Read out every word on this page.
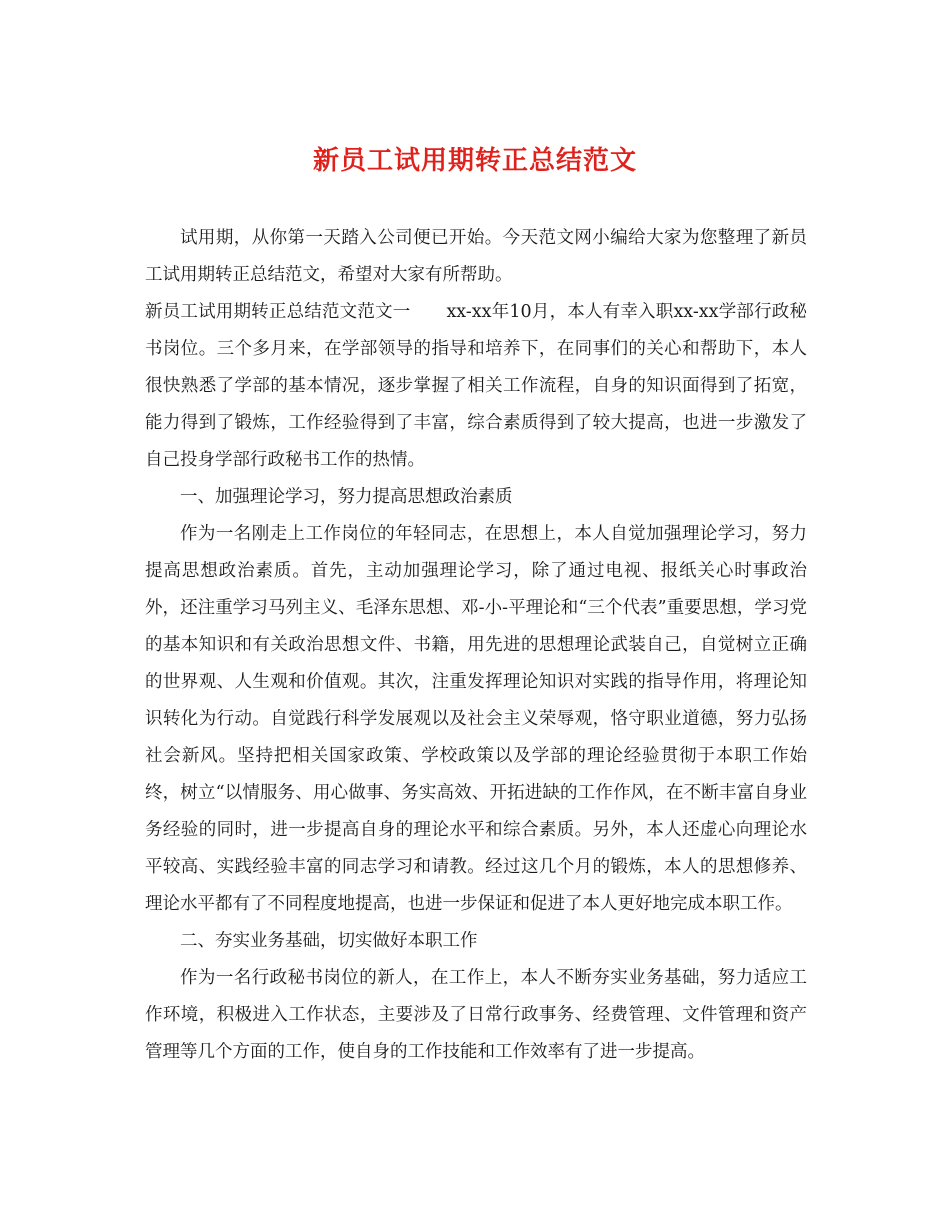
新员工试用期转正总结范文

试用期，从你第一天踏入公司便已开始。今天范文网小编给大家为您整理了新员工试用期转正总结范文，希望对大家有所帮助。

新员工试用期转正总结范文范文一 xx-xx年10月，本人有幸入职xx-xx学部行政秘书岗位。三个多月来，在学部领导的指导和培养下，在同事们的关心和帮助下，本人很快熟悉了学部的基本情况，逐步掌握了相关工作流程，自身的知识面得到了拓宽，能力得到了锻炼，工作经验得到了丰富，综合素质得到了较大提高，也进一步激发了自己投身学部行政秘书工作的热情。

一、加强理论学习，努力提高思想政治素质

作为一名刚走上工作岗位的年轻同志，在思想上，本人自觉加强理论学习，努力提高思想政治素质。首先，主动加强理论学习，除了通过电视、报纸关心时事政治外，还注重学习马列主义、毛泽东思想、邓-小-平理论和“三个代表”重要思想，学习党的基本知识和有关政治思想文件、书籍，用先进的思想理论武装自己，自觉树立正确的世界观、人生观和价值观。其次，注重发挥理论知识对实践的指导作用，将理论知识转化为行动。自觉践行科学发展观以及社会主义荣辱观，恪守职业道德，努力弘扬社会新风。坚持把相关国家政策、学校政策以及学部的理论经验贯彻于本职工作始终，树立“以情服务、用心做事、务实高效、开拓进缺的工作作风，在不断丰富自身业务经验的同时，进一步提高自身的理论水平和综合素质。另外，本人还虚心向理论水平较高、实践经验丰富的同志学习和请教。经过这几个月的锻炼，本人的思想修养、理论水平都有了不同程度地提高，也进一步保证和促进了本人更好地完成本职工作。

二、夯实业务基础，切实做好本职工作

作为一名行政秘书岗位的新人，在工作上，本人不断夯实业务基础，努力适应工作环境，积极进入工作状态，主要涉及了日常行政事务、经费管理、文件管理和资产管理等几个方面的工作，使自身的工作技能和工作效率有了进一步提高。
